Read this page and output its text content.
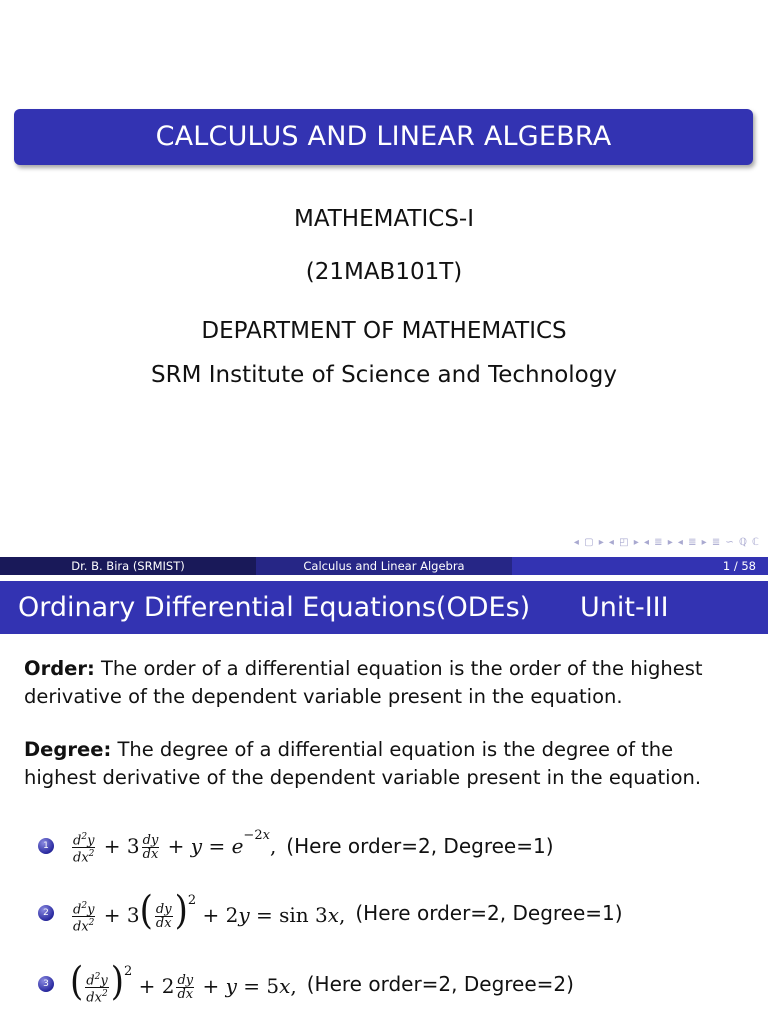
CALCULUS AND LINEAR ALGEBRA
MATHEMATICS-I
(21MAB101T)
DEPARTMENT OF MATHEMATICS
SRM Institute of Science and Technology
◂ ▢ ▸ ◂ ◰ ▸ ◂ ≣ ▸ ◂ ≣ ▸ ≣ ∽ ℚ ℂ
Dr. B. Bira (SRMIST)	Calculus and Linear Algebra	1 / 58
Ordinary Differential Equations(ODEs) Unit-III
Order: The order of a differential equation is the order of the highest derivative of the dependent variable present in the equation.
Degree: The degree of a differential equation is the degree of the highest derivative of the dependent variable present in the equation.
1	$\frac{d^2y}{dx^2} + 3 \frac{dy}{dx} + y = e^{-2x}$, (Here order=2, Degree=1)
2	$\frac{d^2y}{dx^2} + 3( \frac{dy}{dx} )^2 + 2y = \sin 3x$, (Here order=2, Degree=1)
3 ( $\frac{d^2y}{dx^2} )^2 + 2 \frac{dy}{dx} + y = 5x$, (Here order=2, Degree=2)
